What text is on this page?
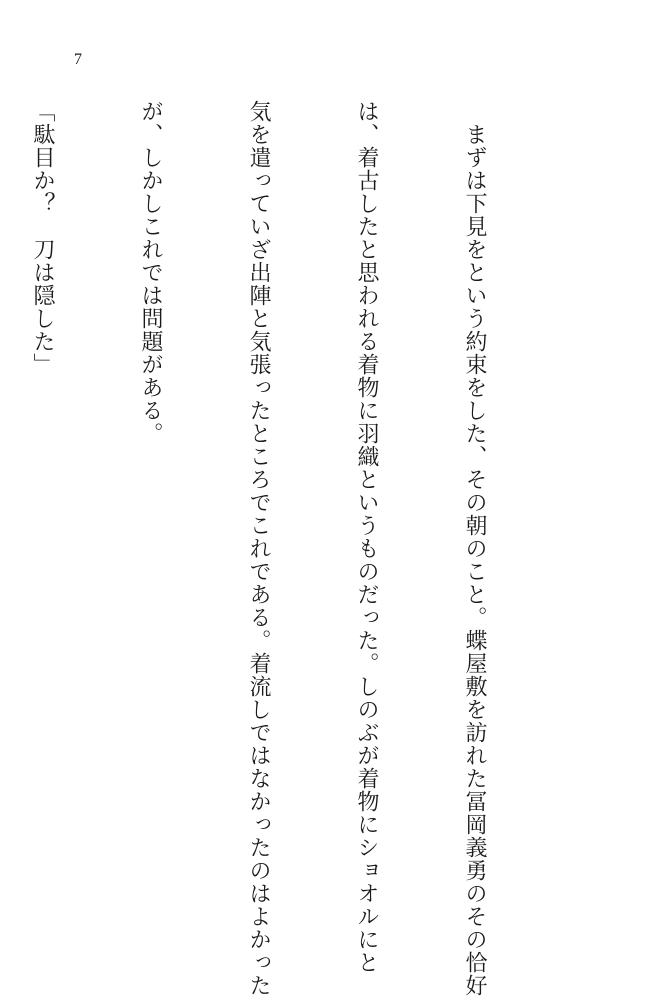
7

　まずは下見をという約束をした、その朝のこと。蝶屋敷を訪れた冨岡義勇のその恰好

は、着古したと思われる着物に羽織というものだった。しのぶが着物にショオルにと

気を遣っていざ出陣と気張ったところでこれである。着流しではなかったのはよかった

が、しかしこれでは問題がある。

「駄目か？　刀は隠した」
